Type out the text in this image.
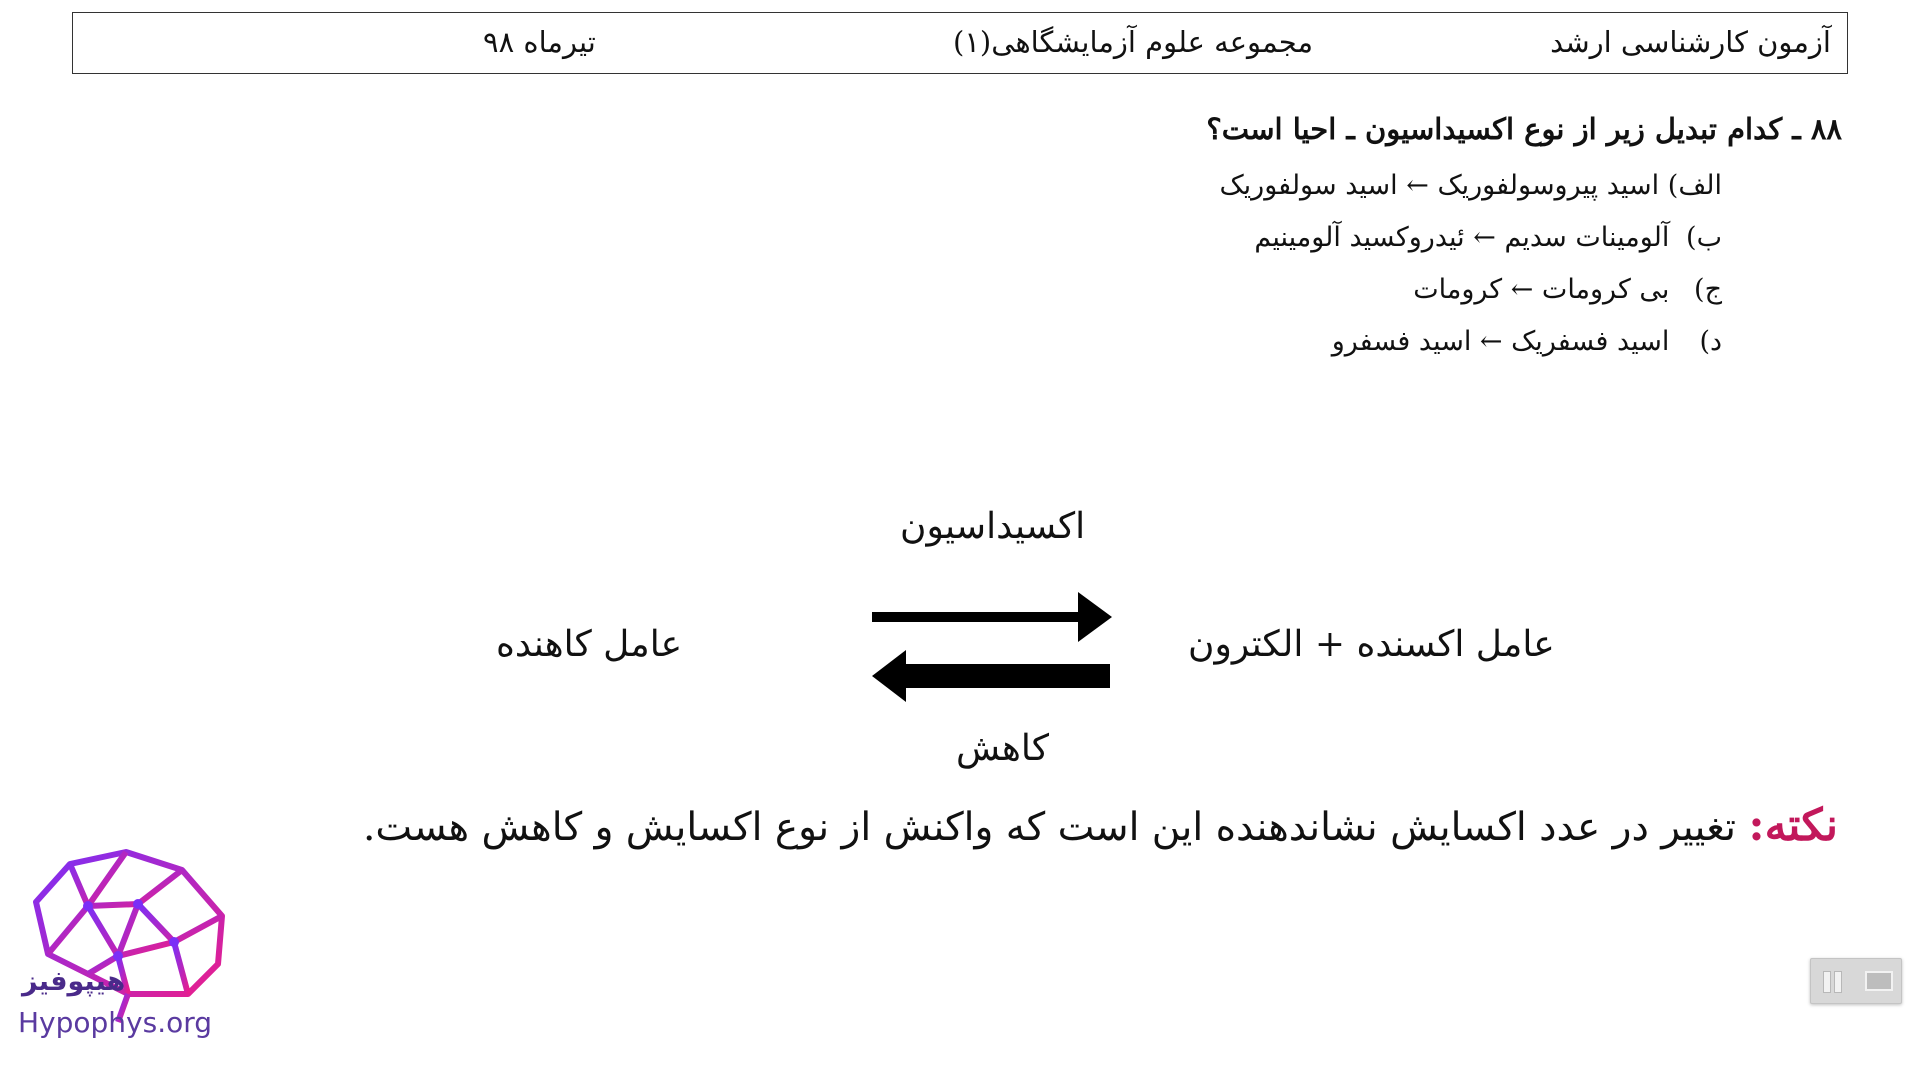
آزمون کارشناسی ارشد
مجموعه علوم آزمایشگاهی(۱)
تیرماه ۹۸
۸۸ ـ کدام تبدیل زیر از نوع اکسیداسیون ـ احیا است؟
الف) اسید پیروسولفوریک ← اسید سولفوریک
ب) آلومینات سدیم ← ئیدروکسید آلومینیم
ج) بی کرومات ← کرومات
د) اسید فسفریک ← اسید فسفرو
اکسیداسیون
عامل اکسنده + الکترون
عامل کاهنده
کاهش
نکته: تغییر در عدد اکسایش نشاندهنده این است که واکنش از نوع اکسایش و کاهش هست.
هیپوفیز
Hypophys.org
